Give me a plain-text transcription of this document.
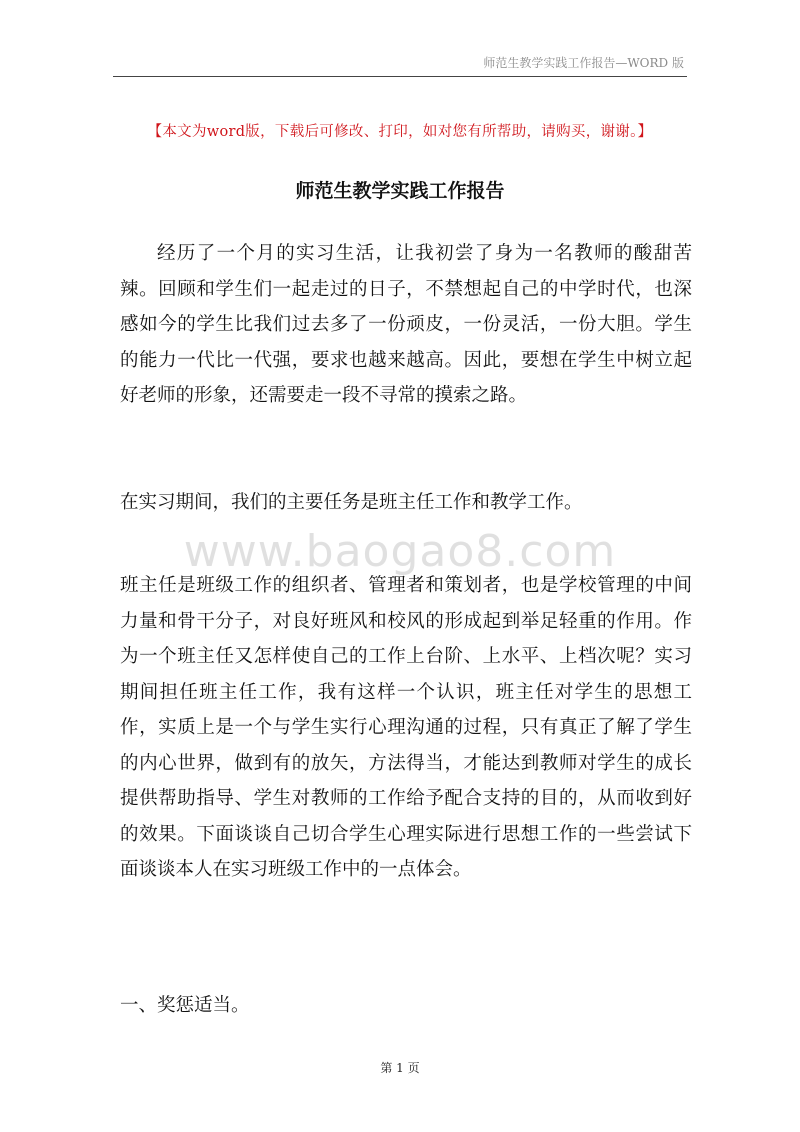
师范生教学实践工作报告—WORD 版
【本文为word版，下载后可修改、打印，如对您有所帮助，请购买，谢谢。】
师范生教学实践工作报告

经历了一个月的实习生活，让我初尝了身为一名教师的酸甜苦辣。回顾和学生们一起走过的日子，不禁想起自己的中学时代，也深感如今的学生比我们过去多了一份顽皮，一份灵活，一份大胆。学生的能力一代比一代强，要求也越来越高。因此，要想在学生中树立起好老师的形象，还需要走一段不寻常的摸索之路。

在实习期间，我们的主要任务是班主任工作和教学工作。

www.baogao8.com

班主任是班级工作的组织者、管理者和策划者，也是学校管理的中间力量和骨干分子，对良好班风和校风的形成起到举足轻重的作用。作为一个班主任又怎样使自己的工作上台阶、上水平、上档次呢？实习期间担任班主任工作，我有这样一个认识，班主任对学生的思想工作，实质上是一个与学生实行心理沟通的过程，只有真正了解了学生的内心世界，做到有的放矢，方法得当，才能达到教师对学生的成长提供帮助指导、学生对教师的工作给予配合支持的目的，从而收到好的效果。下面谈谈自己切合学生心理实际进行思想工作的一些尝试下面谈谈本人在实习班级工作中的一点体会。

一、奖惩适当。

第 1 页
